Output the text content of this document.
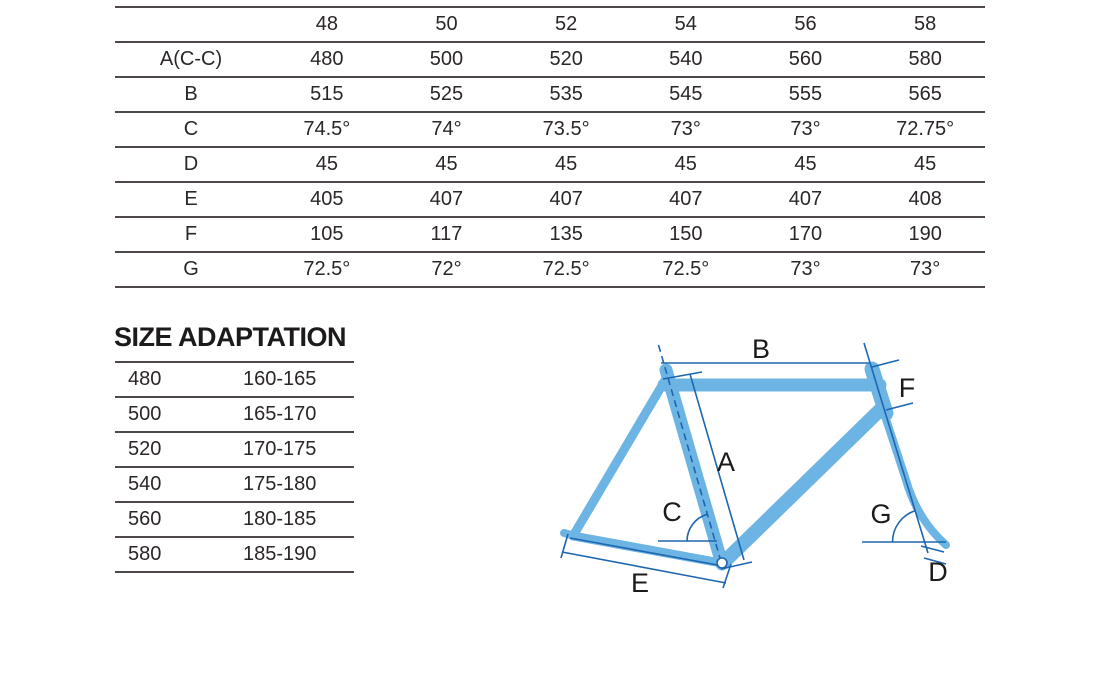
	48	50	52	54	56	58
A(C-C)	480	500	520	540	560	580
B	515	525	535	545	555	565
C	74.5°	74°	73.5°	73°	73°	72.75°
D	45	45	45	45	45	45
E	405	407	407	407	407	408
F	105	117	135	150	170	190
G	72.5°	72°	72.5°	72.5°	73°	73°
SIZE ADAPTATION
480	160-165
500	165-170
520	170-175
540	175-180
560	180-185
580	185-190
B
F
A
C
E
G
D
